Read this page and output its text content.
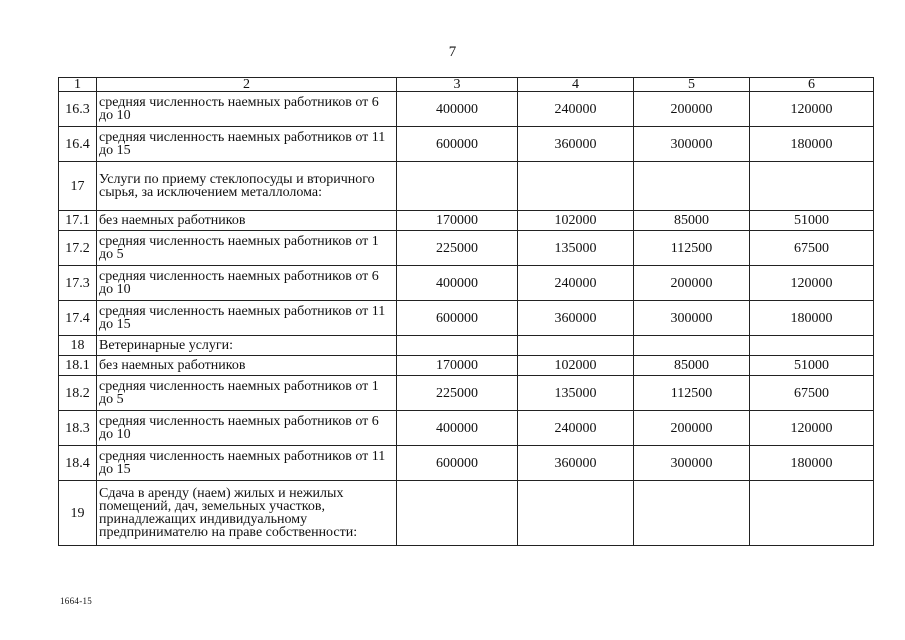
7
1	2	3	4	5	6
16.3	средняя численность наемных работников от 6 до 10	400000	240000	200000	120000
16.4	средняя численность наемных работников от 11 до 15	600000	360000	300000	180000
17	Услуги по приему стеклопосуды и вторичного сырья, за исключением металлолома:				
17.1	без наемных работников	170000	102000	85000	51000
17.2	средняя численность наемных работников от 1 до 5	225000	135000	112500	67500
17.3	средняя численность наемных работников от 6 до 10	400000	240000	200000	120000
17.4	средняя численность наемных работников от 11 до 15	600000	360000	300000	180000
18	Ветеринарные услуги:				
18.1	без наемных работников	170000	102000	85000	51000
18.2	средняя численность наемных работников от 1 до 5	225000	135000	112500	67500
18.3	средняя численность наемных работников от 6 до 10	400000	240000	200000	120000
18.4	средняя численность наемных работников от 11 до 15	600000	360000	300000	180000
19	Сдача в аренду (наем) жилых и нежилых помещений, дач, земельных участков, принадлежащих индивидуальному предпринимателю на праве собственности:				
1664-15
